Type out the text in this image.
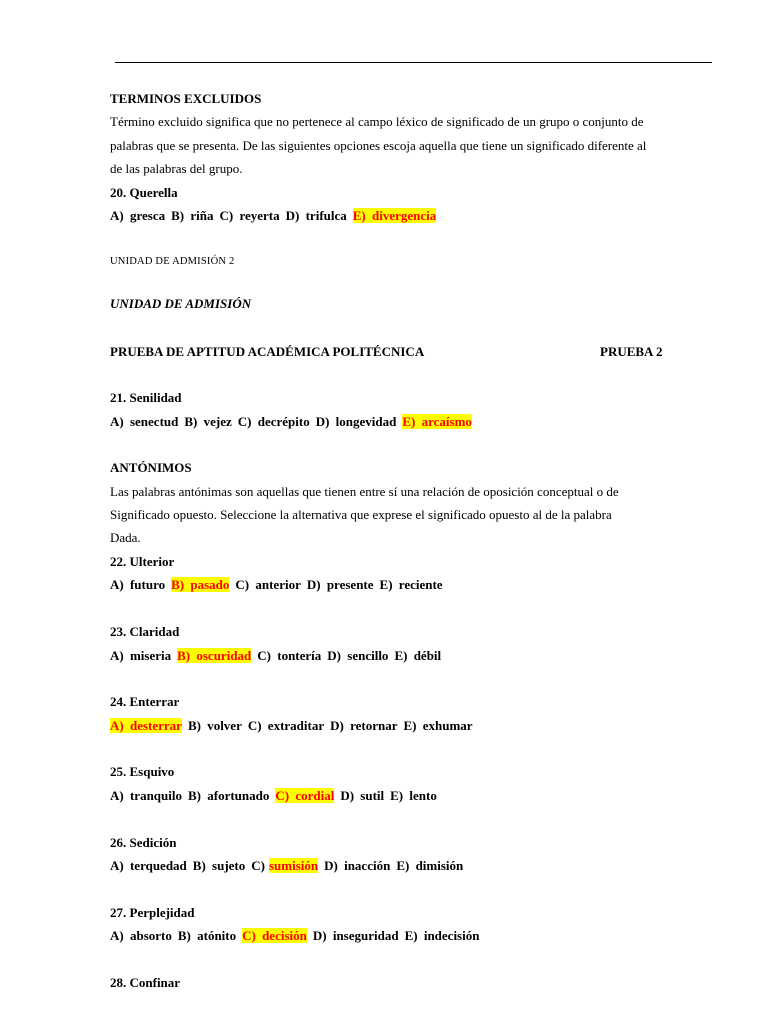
TERMINOS EXCLUIDOS
Término excluido significa que no pertenece al campo léxico de significado de un grupo o conjunto de
palabras que se presenta. De las siguientes opciones escoja aquella que tiene un significado diferente al
de las palabras del grupo.
20. Querella
A) gresca B) riña C) reyerta D) trifulca E) divergencia
UNIDAD DE ADMISIÓN 2
UNIDAD DE ADMISIÓN
PRUEBA DE APTITUD ACADÉMICA POLITÉCNICA	PRUEBA 2
21. Senilidad
A) senectud B) vejez C) decrépito D) longevidad E) arcaísmo
ANTÓNIMOS
Las palabras antónimas son aquellas que tienen entre sí una relación de oposición conceptual o de
Significado opuesto. Seleccione la alternativa que exprese el significado opuesto al de la palabra
Dada.
22. Ulterior
A) futuro B) pasado C) anterior D) presente E) reciente
23. Claridad
A) miseria B) oscuridad C) tontería D) sencillo E) débil
24. Enterrar
A) desterrar B) volver C) extraditar D) retornar E) exhumar
25. Esquivo
A) tranquilo B) afortunado C) cordial D) sutil E) lento
26. Sedición
A) terquedad B) sujeto C) sumisión D) inacción E) dimisión
27. Perplejidad
A) absorto B) atónito C) decisión D) inseguridad E) indecisión
28. Confinar
